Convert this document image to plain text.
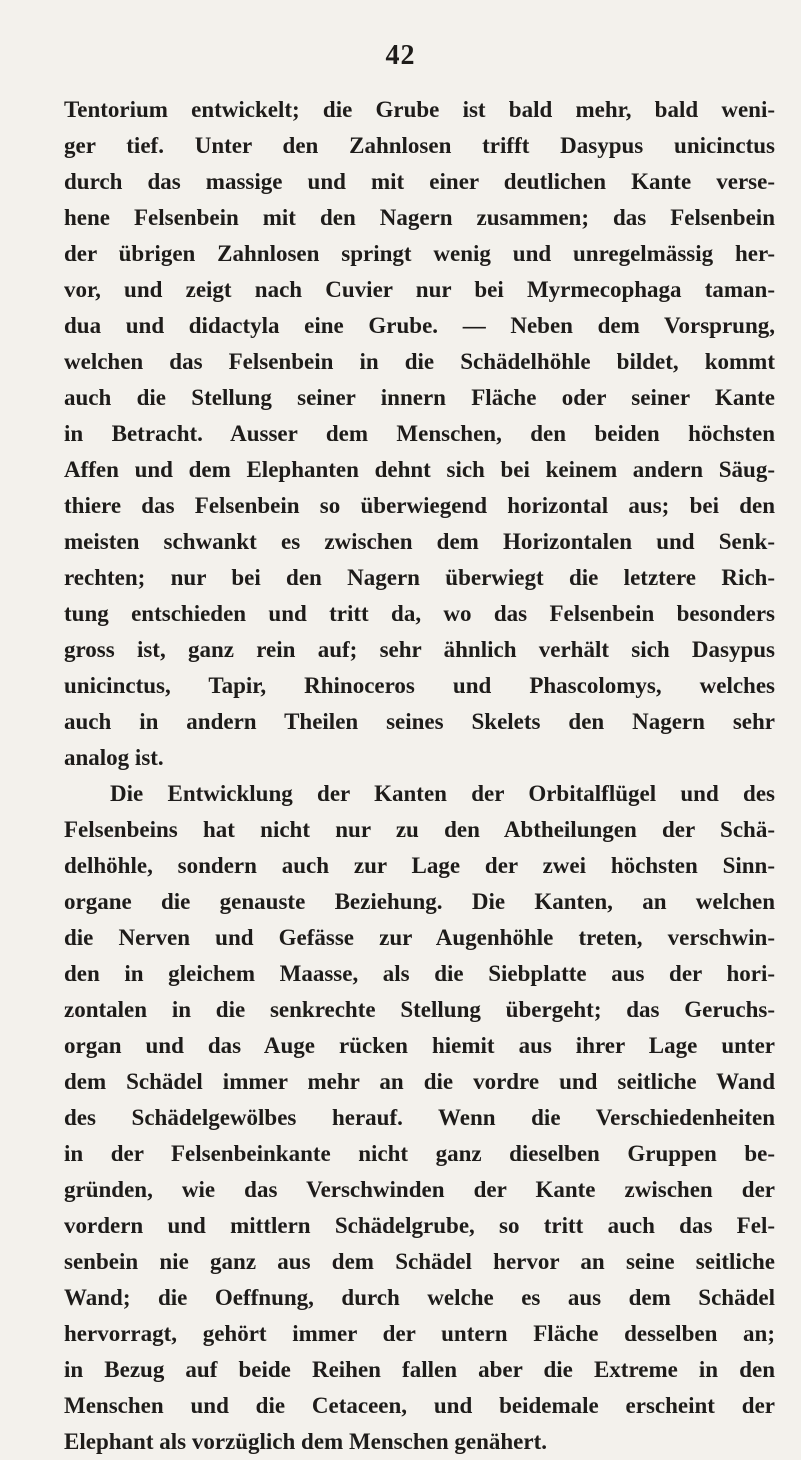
42
Tentorium entwickelt; die Grube ist bald mehr, bald weni-
ger tief. Unter den Zahnlosen trifft Dasypus unicinctus
durch das massige und mit einer deutlichen Kante verse-
hene Felsenbein mit den Nagern zusammen; das Felsenbein
der übrigen Zahnlosen springt wenig und unregelmässig her-
vor, und zeigt nach Cuvier nur bei Myrmecophaga taman-
dua und didactyla eine Grube. — Neben dem Vorsprung,
welchen das Felsenbein in die Schädelhöhle bildet, kommt
auch die Stellung seiner innern Fläche oder seiner Kante
in Betracht. Ausser dem Menschen, den beiden höchsten
Affen und dem Elephanten dehnt sich bei keinem andern Säug-
thiere das Felsenbein so überwiegend horizontal aus; bei den
meisten schwankt es zwischen dem Horizontalen und Senk-
rechten; nur bei den Nagern überwiegt die letztere Rich-
tung entschieden und tritt da, wo das Felsenbein besonders
gross ist, ganz rein auf; sehr ähnlich verhält sich Dasypus
unicinctus, Tapir, Rhinoceros und Phascolomys, welches
auch in andern Theilen seines Skelets den Nagern sehr
analog ist.
Die Entwicklung der Kanten der Orbitalflügel und des
Felsenbeins hat nicht nur zu den Abtheilungen der Schä-
delhöhle, sondern auch zur Lage der zwei höchsten Sinn-
organe die genauste Beziehung. Die Kanten, an welchen
die Nerven und Gefässe zur Augenhöhle treten, verschwin-
den in gleichem Maasse, als die Siebplatte aus der hori-
zontalen in die senkrechte Stellung übergeht; das Geruchs-
organ und das Auge rücken hiemit aus ihrer Lage unter
dem Schädel immer mehr an die vordre und seitliche Wand
des Schädelgewölbes herauf. Wenn die Verschiedenheiten
in der Felsenbeinkante nicht ganz dieselben Gruppen be-
gründen, wie das Verschwinden der Kante zwischen der
vordern und mittlern Schädelgrube, so tritt auch das Fel-
senbein nie ganz aus dem Schädel hervor an seine seitliche
Wand; die Oeffnung, durch welche es aus dem Schädel
hervorragt, gehört immer der untern Fläche desselben an;
in Bezug auf beide Reihen fallen aber die Extreme in den
Menschen und die Cetaceen, und beidemale erscheint der
Elephant als vorzüglich dem Menschen genähert.
